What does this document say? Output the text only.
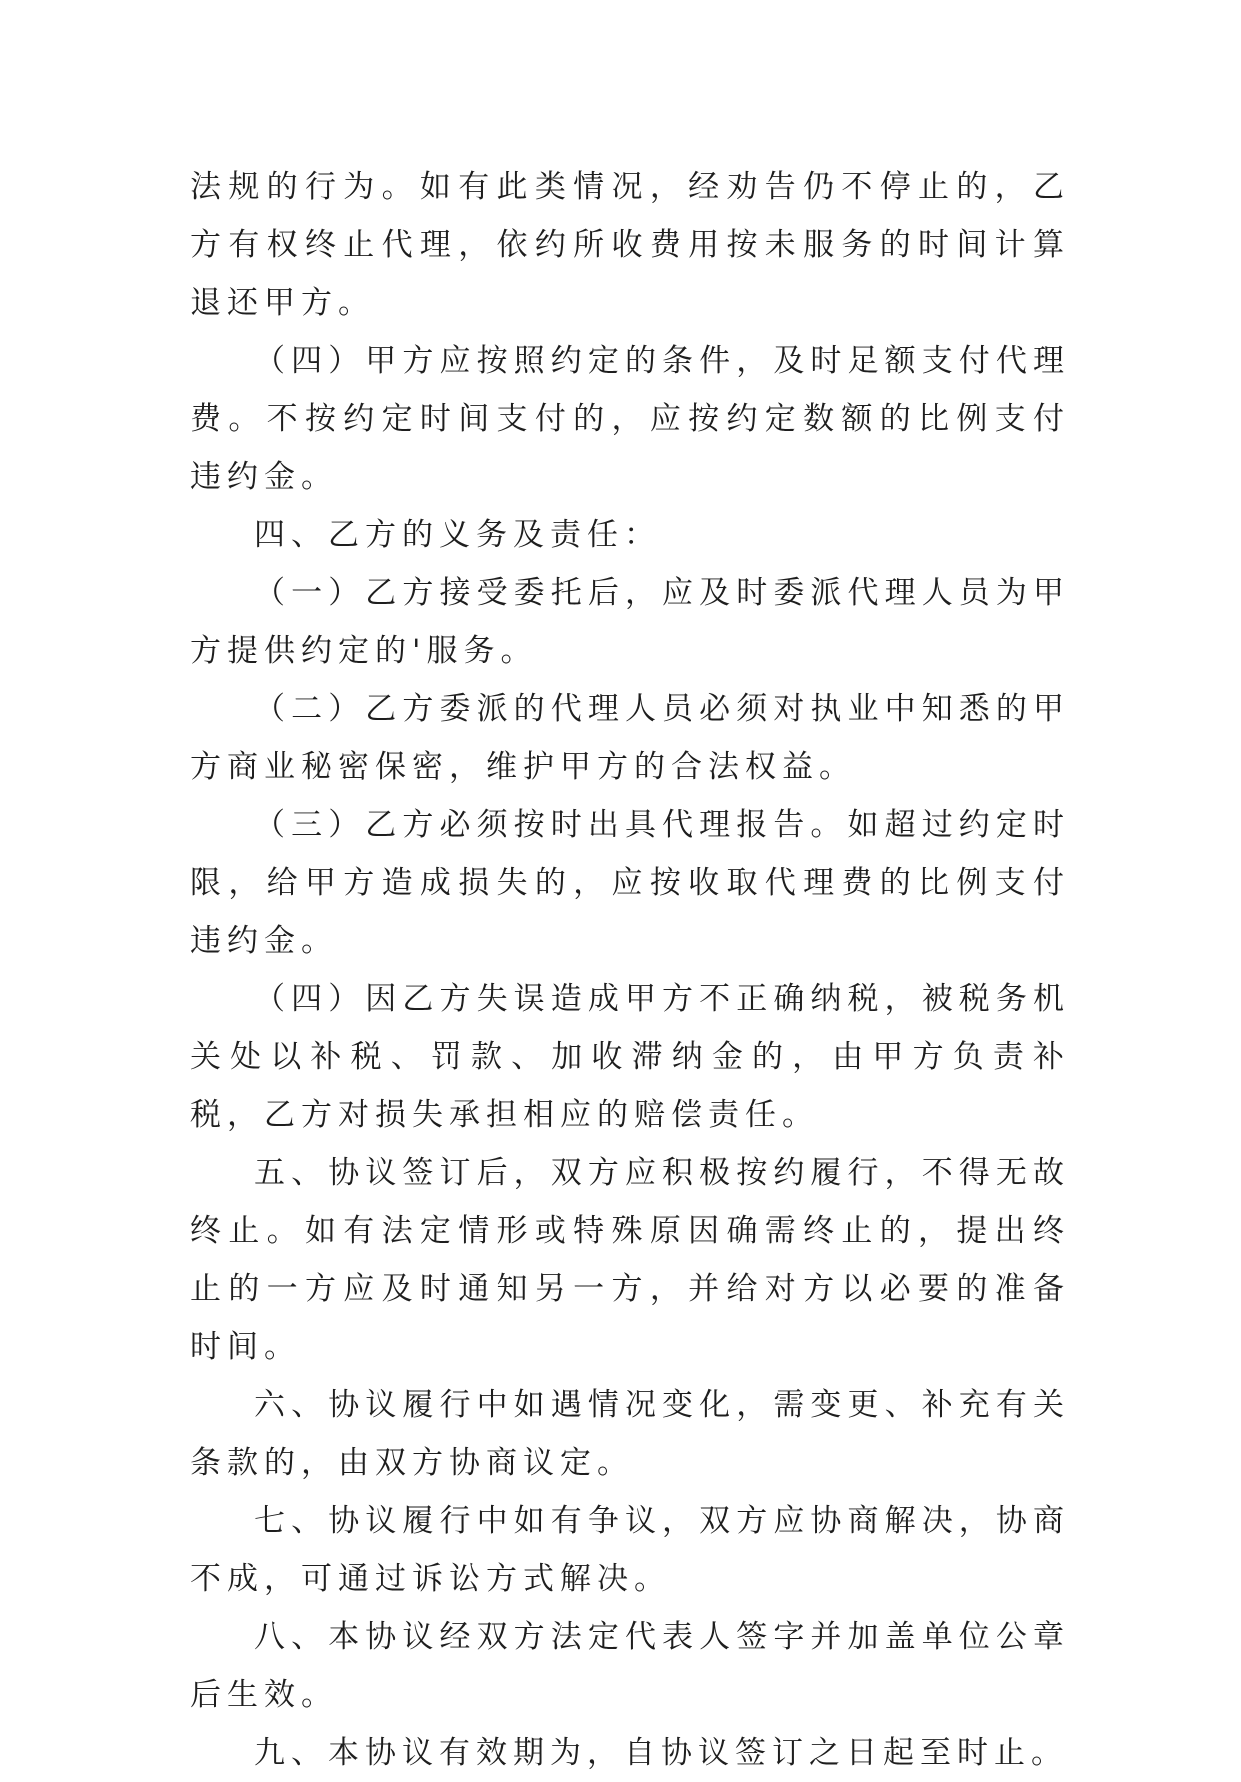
法规的行为。如有此类情况，经劝告仍不停止的，乙方有权终止代理，依约所收费用按未服务的时间计算退还甲方。

（四）甲方应按照约定的条件，及时足额支付代理费。不按约定时间支付的，应按约定数额的比例支付违约金。

四、乙方的义务及责任：

（一）乙方接受委托后，应及时委派代理人员为甲方提供约定的'服务。

（二）乙方委派的代理人员必须对执业中知悉的甲方商业秘密保密，维护甲方的合法权益。

（三）乙方必须按时出具代理报告。如超过约定时限，给甲方造成损失的，应按收取代理费的比例支付违约金。

（四）因乙方失误造成甲方不正确纳税，被税务机关处以补税、罚款、加收滞纳金的，由甲方负责补税，乙方对损失承担相应的赔偿责任。

五、协议签订后，双方应积极按约履行，不得无故终止。如有法定情形或特殊原因确需终止的，提出终止的一方应及时通知另一方，并给对方以必要的准备时间。

六、协议履行中如遇情况变化，需变更、补充有关条款的，由双方协商议定。

七、协议履行中如有争议，双方应协商解决，协商不成，可通过诉讼方式解决。

八、本协议经双方法定代表人签字并加盖单位公章后生效。

九、本协议有效期为，自协议签订之日起至时止。
